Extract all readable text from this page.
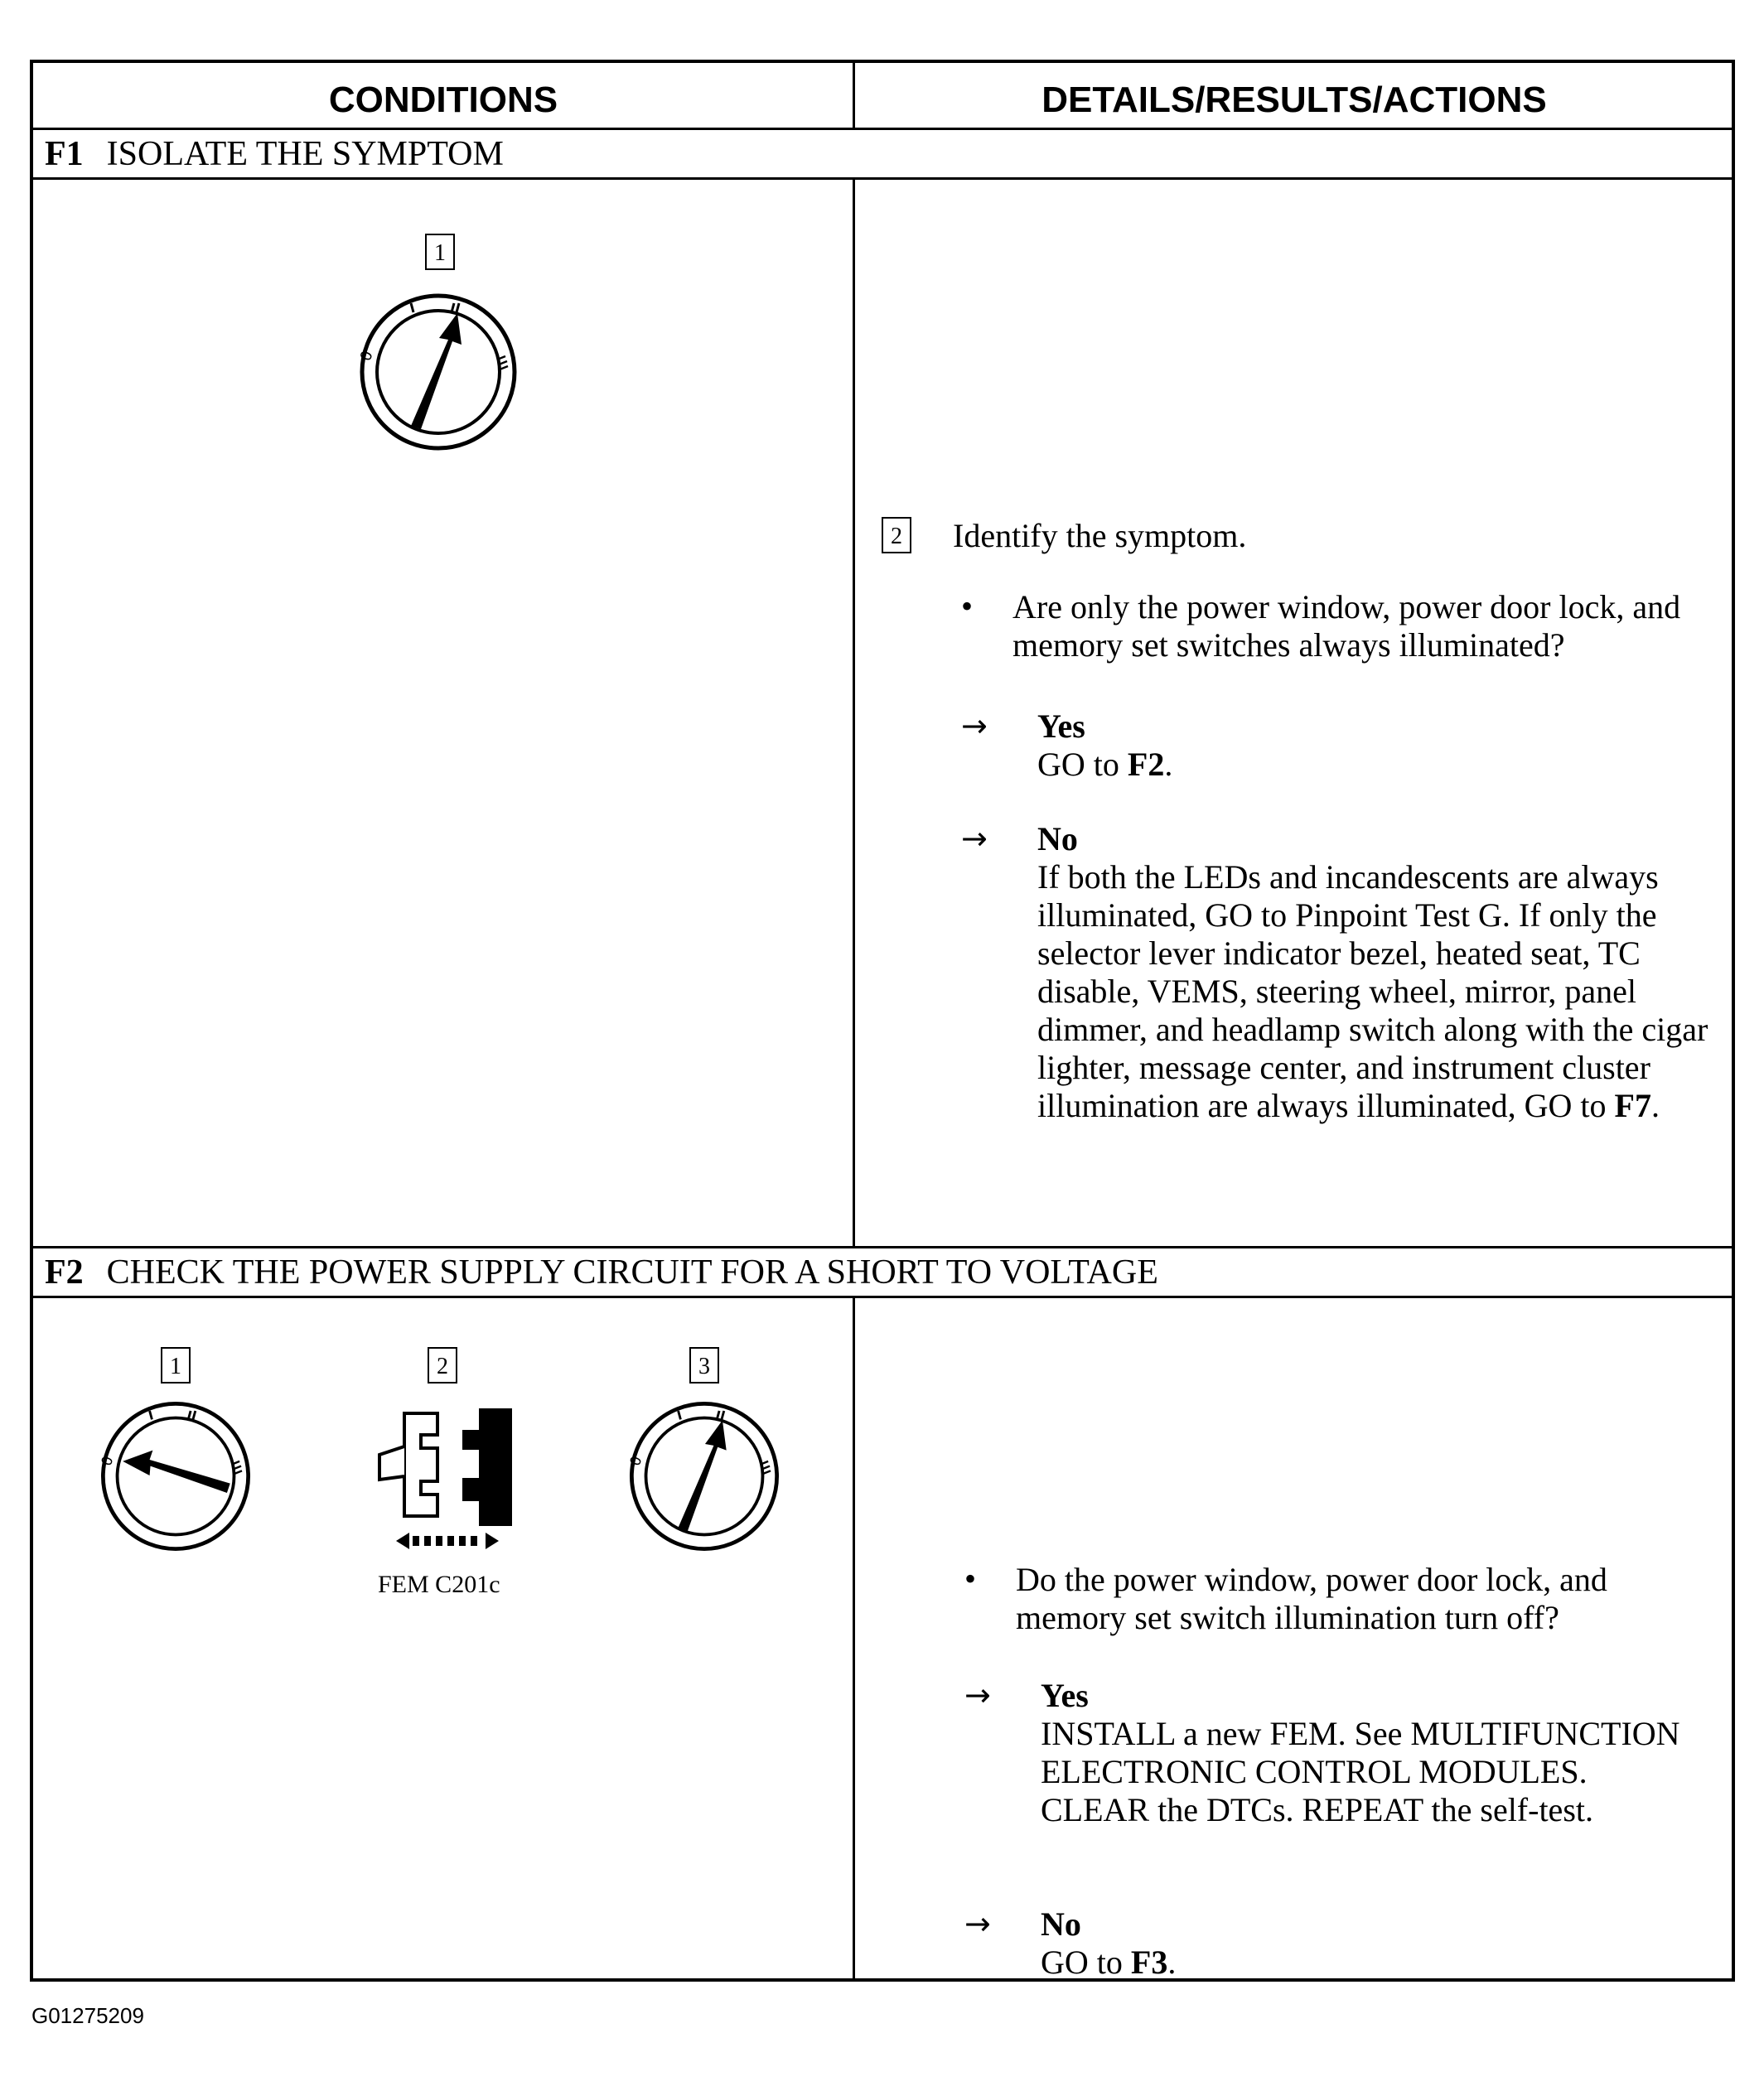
CONDITIONS	DETAILS/RESULTS/ACTIONS
F1 ISOLATE THE SYMPTOM
1
0
2 Identify the symptom.
• Are only the power window, power door lock, and memory set switches always illuminated?
→ Yes
GO to F2.
→ No
If both the LEDs and incandescents are always illuminated, GO to Pinpoint Test G. If only the selector lever indicator bezel, heated seat, TC disable, VEMS, steering wheel, mirror, panel dimmer, and headlamp switch along with the cigar lighter, message center, and instrument cluster illumination are always illuminated, GO to F7.
F2 CHECK THE POWER SUPPLY CIRCUIT FOR A SHORT TO VOLTAGE
1
0
2
FEM C201c
3
0
• Do the power window, power door lock, and memory set switch illumination turn off?
→ Yes
INSTALL a new FEM. See MULTIFUNCTION ELECTRONIC CONTROL MODULES. CLEAR the DTCs. REPEAT the self-test.
→ No
GO to F3.
G01275209
